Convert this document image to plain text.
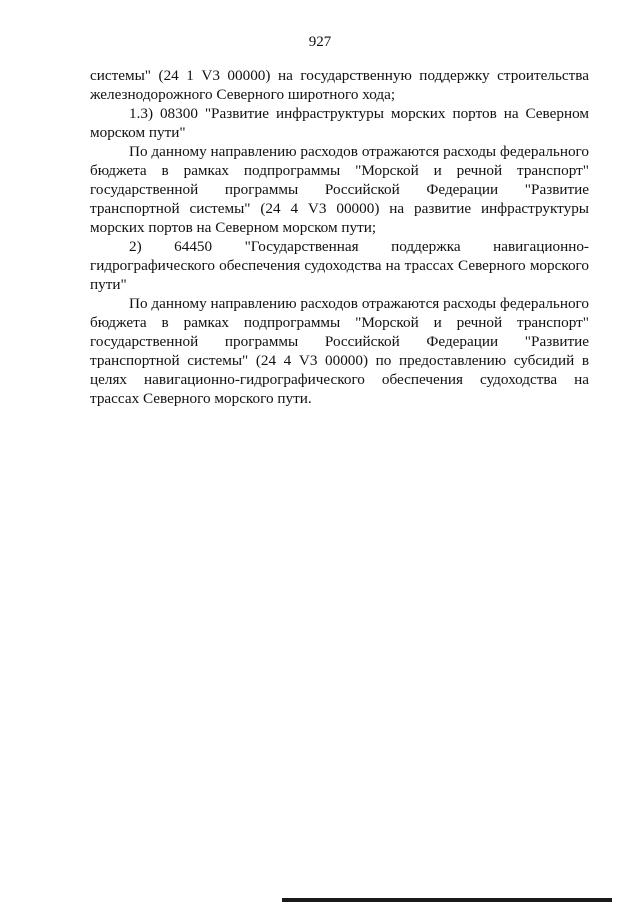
927

системы" (24 1 V3 00000) на государственную поддержку строительства железнодорожного Северного широтного хода;

1.3) 08300 "Развитие инфраструктуры морских портов на Северном морском пути"

По данному направлению расходов отражаются расходы федерального бюджета в рамках подпрограммы "Морской и речной транспорт" государственной программы Российской Федерации "Развитие транспортной системы" (24 4 V3 00000) на развитие инфраструктуры морских портов на Северном морском пути;

2) 64450 "Государственная поддержка навигационно-

гидрографического обеспечения судоходства на трассах Северного морского пути"

По данному направлению расходов отражаются расходы федерального бюджета в рамках подпрограммы "Морской и речной транспорт" государственной программы Российской Федерации "Развитие транспортной системы" (24 4 V3 00000) по предоставлению субсидий в целях навигационно-гидрографического обеспечения судоходства на трассах Северного морского пути.
